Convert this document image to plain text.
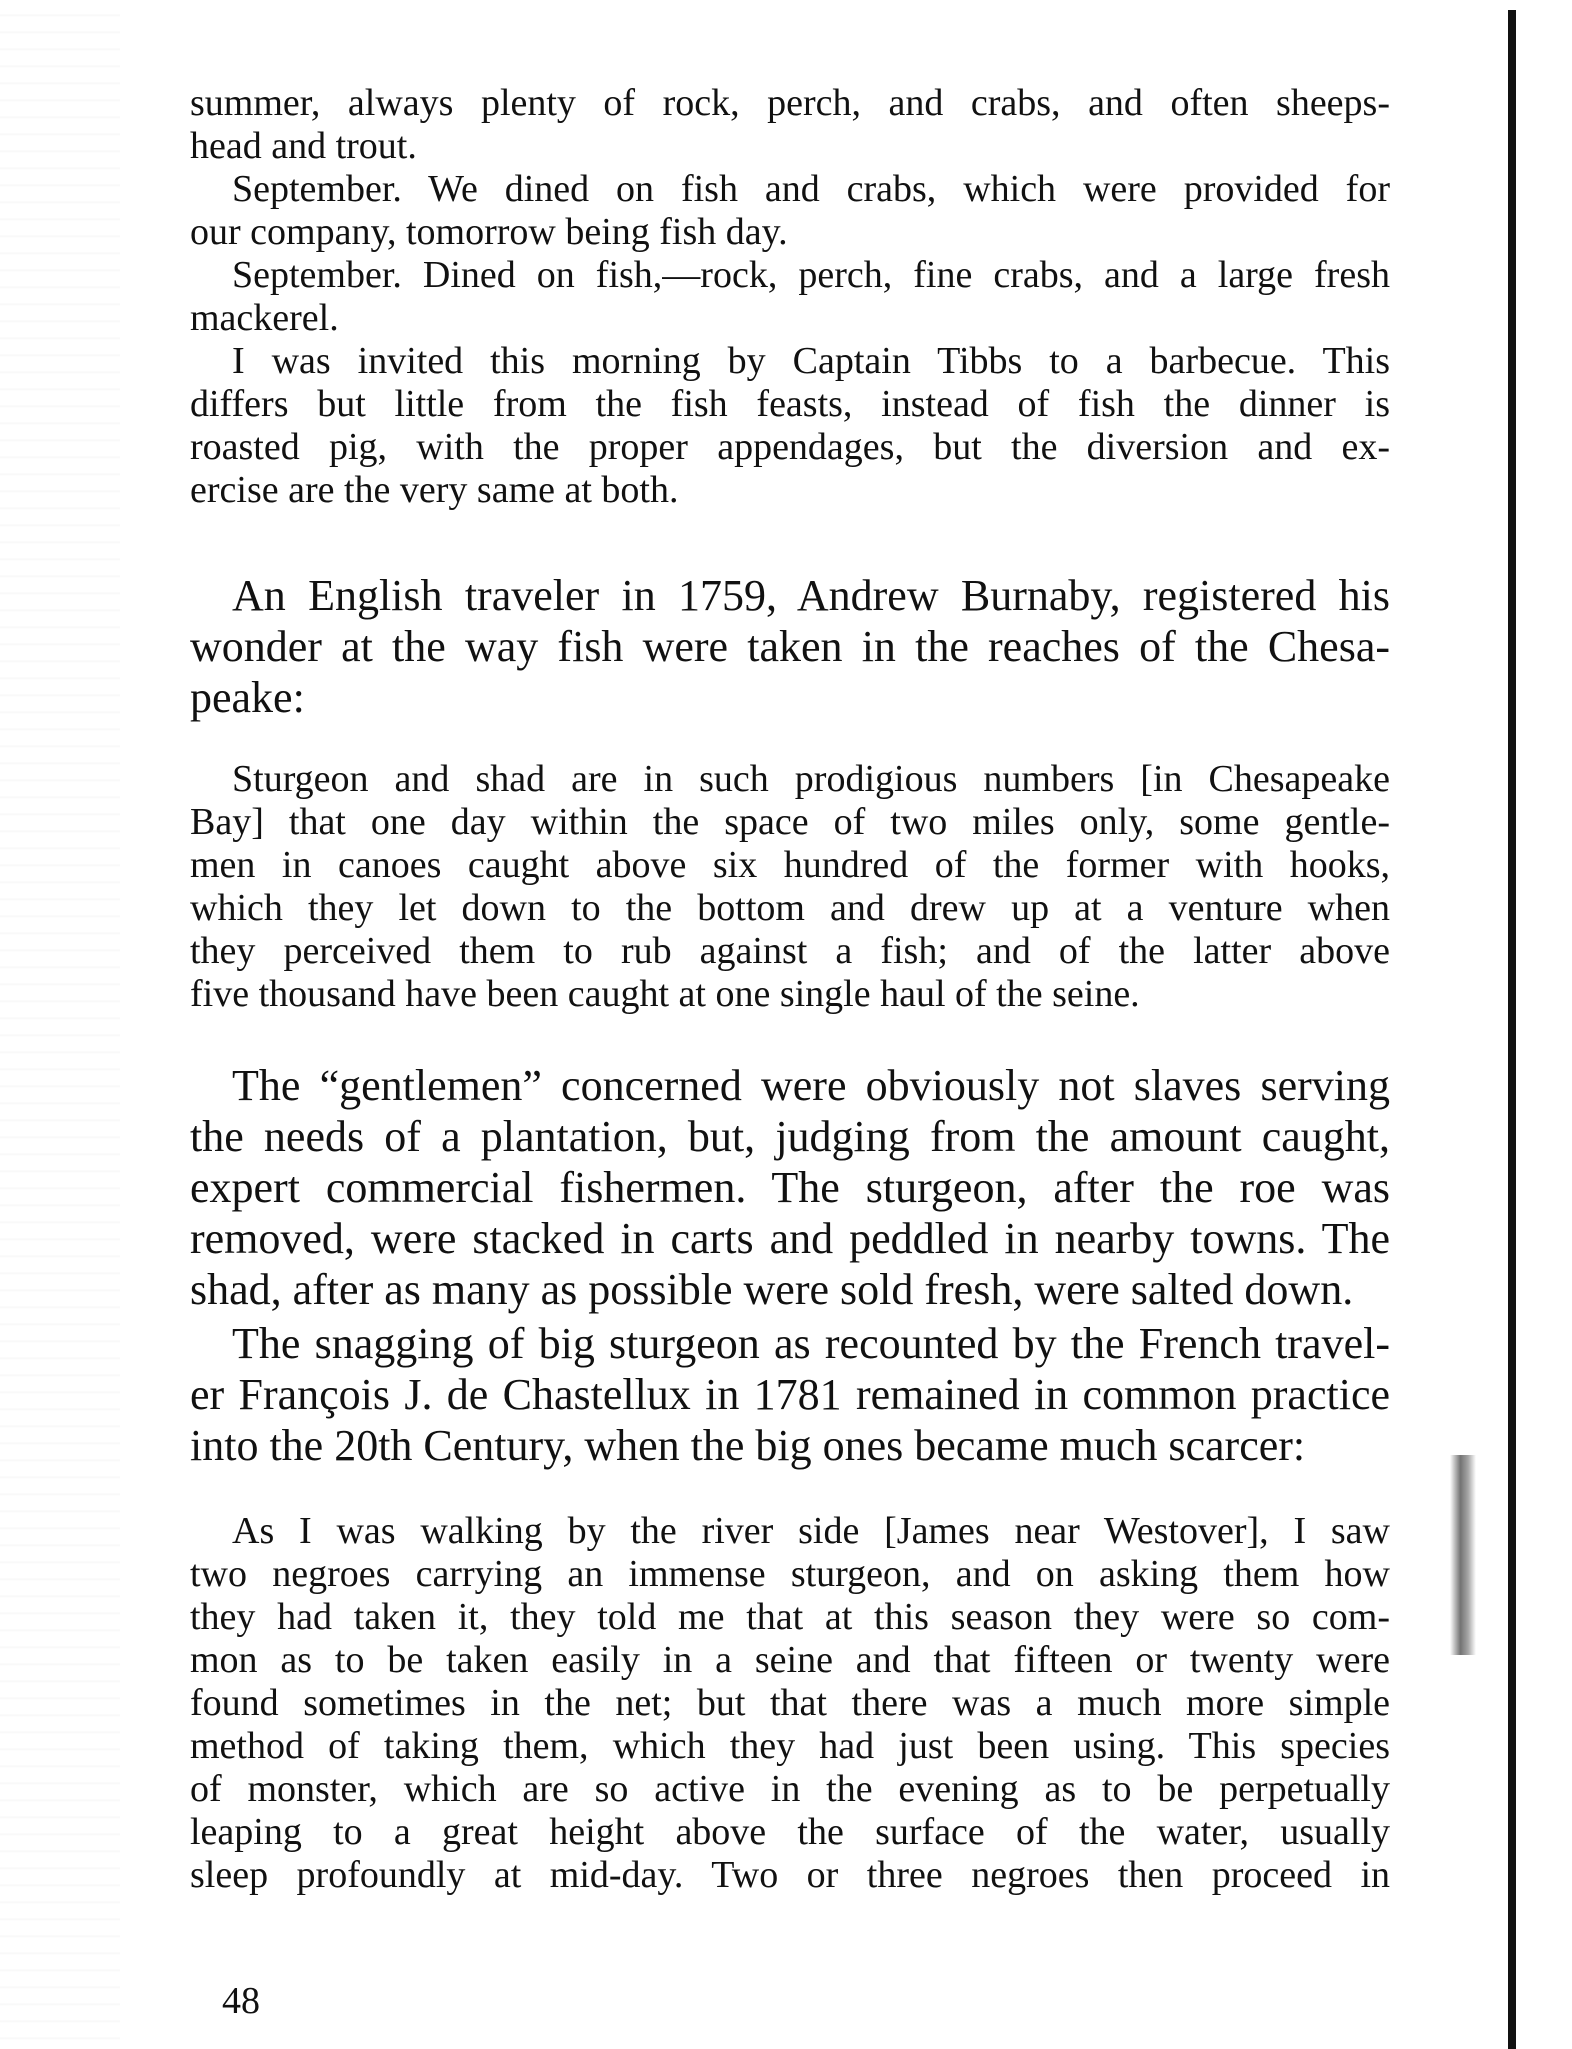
summer, always plenty of rock, perch, and crabs, and often sheeps-
head and trout.
September. We dined on fish and crabs, which were provided for
our company, tomorrow being fish day.
September. Dined on fish,—rock, perch, fine crabs, and a large fresh
mackerel.
I was invited this morning by Captain Tibbs to a barbecue. This
differs but little from the fish feasts, instead of fish the dinner is
roasted pig, with the proper appendages, but the diversion and ex-
ercise are the very same at both.
An English traveler in 1759, Andrew Burnaby, registered his
wonder at the way fish were taken in the reaches of the Chesa-
peake:
Sturgeon and shad are in such prodigious numbers [in Chesapeake
Bay] that one day within the space of two miles only, some gentle-
men in canoes caught above six hundred of the former with hooks,
which they let down to the bottom and drew up at a venture when
they perceived them to rub against a fish; and of the latter above
five thousand have been caught at one single haul of the seine.
The “gentlemen” concerned were obviously not slaves serving
the needs of a plantation, but, judging from the amount caught,
expert commercial fishermen. The sturgeon, after the roe was
removed, were stacked in carts and peddled in nearby towns. The
shad, after as many as possible were sold fresh, were salted down.
The snagging of big sturgeon as recounted by the French travel-
er François J. de Chastellux in 1781 remained in common practice
into the 20th Century, when the big ones became much scarcer:
As I was walking by the river side [James near Westover], I saw
two negroes carrying an immense sturgeon, and on asking them how
they had taken it, they told me that at this season they were so com-
mon as to be taken easily in a seine and that fifteen or twenty were
found sometimes in the net; but that there was a much more simple
method of taking them, which they had just been using. This species
of monster, which are so active in the evening as to be perpetually
leaping to a great height above the surface of the water, usually
sleep profoundly at mid-day. Two or three negroes then proceed in
48
